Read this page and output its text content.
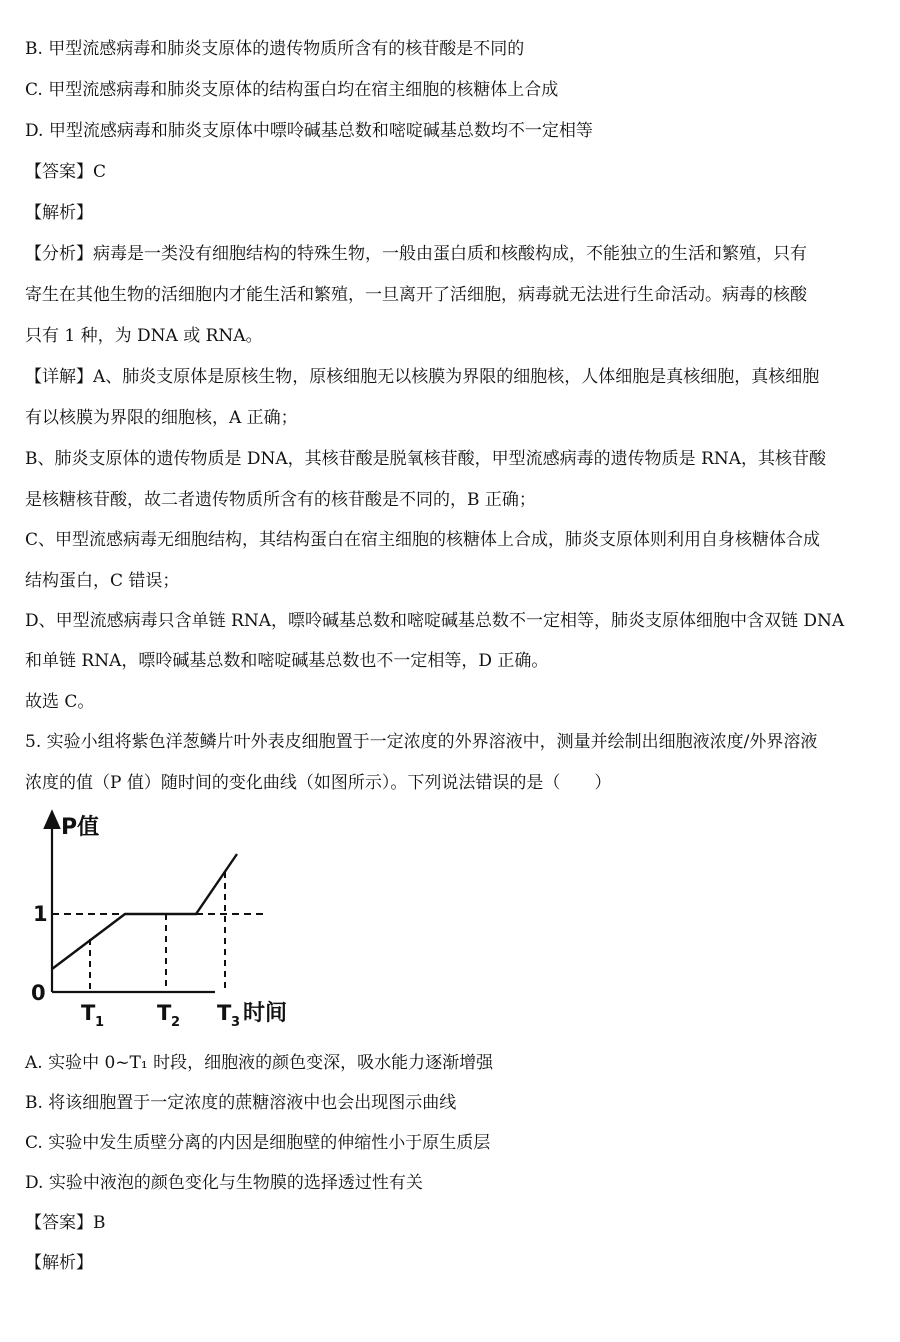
B. 甲型流感病毒和肺炎支原体的遗传物质所含有的核苷酸是不同的
C. 甲型流感病毒和肺炎支原体的结构蛋白均在宿主细胞的核糖体上合成
D. 甲型流感病毒和肺炎支原体中嘌呤碱基总数和嘧啶碱基总数均不一定相等
【答案】C
【解析】
【分析】病毒是一类没有细胞结构的特殊生物，一般由蛋白质和核酸构成，不能独立的生活和繁殖，只有
寄生在其他生物的活细胞内才能生活和繁殖，一旦离开了活细胞，病毒就无法进行生命活动。病毒的核酸
只有 1 种，为 DNA 或 RNA。
【详解】A、肺炎支原体是原核生物，原核细胞无以核膜为界限的细胞核，人体细胞是真核细胞，真核细胞
有以核膜为界限的细胞核，A 正确；
B、肺炎支原体的遗传物质是 DNA，其核苷酸是脱氧核苷酸，甲型流感病毒的遗传物质是 RNA，其核苷酸
是核糖核苷酸，故二者遗传物质所含有的核苷酸是不同的，B 正确；
C、甲型流感病毒无细胞结构，其结构蛋白在宿主细胞的核糖体上合成，肺炎支原体则利用自身核糖体合成
结构蛋白，C 错误；
D、甲型流感病毒只含单链 RNA，嘌呤碱基总数和嘧啶碱基总数不一定相等，肺炎支原体细胞中含双链 DNA
和单链 RNA，嘌呤碱基总数和嘧啶碱基总数也不一定相等，D 正确。
故选 C。
5. 实验小组将紫色洋葱鳞片叶外表皮细胞置于一定浓度的外界溶液中，测量并绘制出细胞液浓度/外界溶液
浓度的值（P 值）随时间的变化曲线（如图所示）。下列说法错误的是（　　）
A. 实验中 0~T₁ 时段，细胞液的颜色变深，吸水能力逐渐增强
B. 将该细胞置于一定浓度的蔗糖溶液中也会出现图示曲线
C. 实验中发生质壁分离的内因是细胞壁的伸缩性小于原生质层
D. 实验中液泡的颜色变化与生物膜的选择透过性有关
【答案】B
【解析】
P值
1
0
T 1	T 2 T 3 时间
